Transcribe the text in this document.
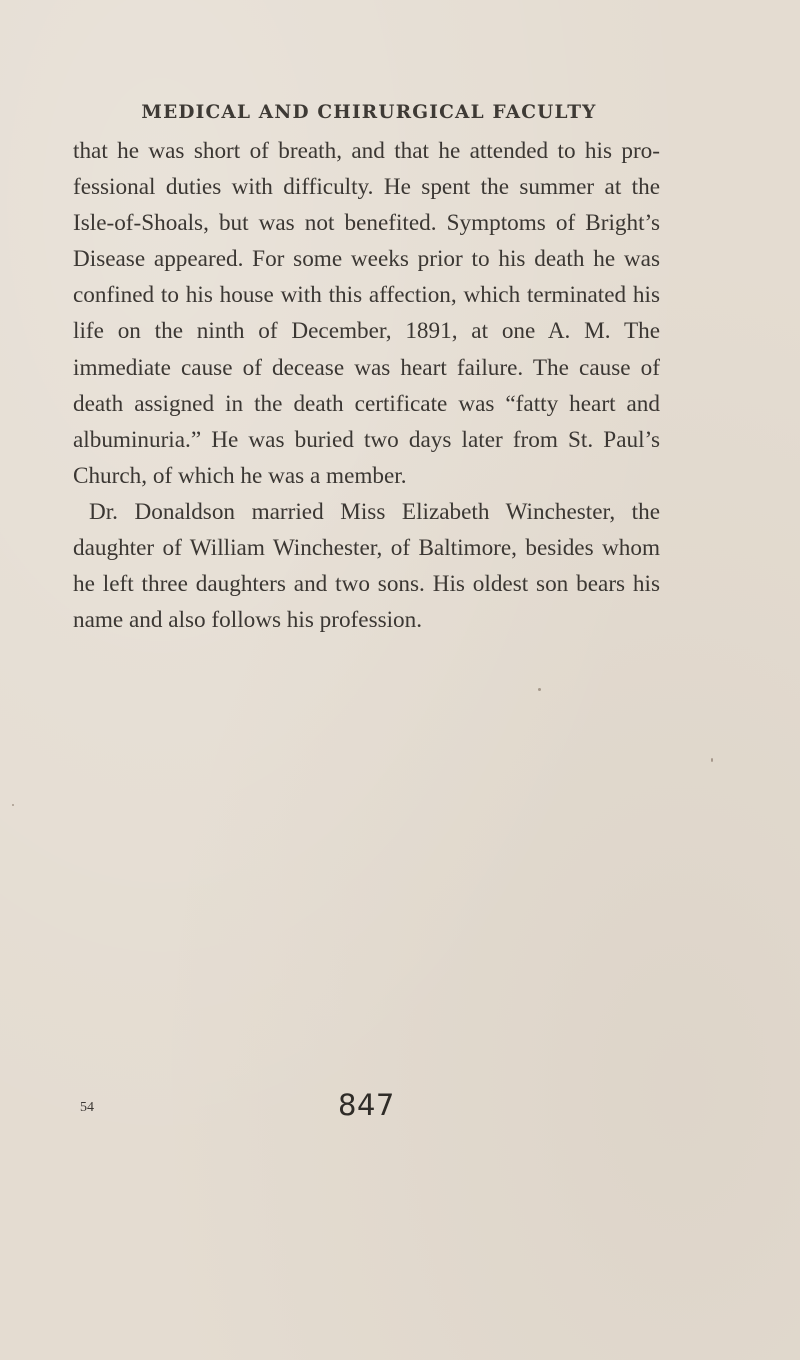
MEDICAL AND CHIRURGICAL FACULTY

that he was short of breath, and that he attended to his pro- fessional duties with difficulty. He spent the summer at the Isle-of-Shoals, but was not benefited. Symptoms of Bright’s Disease appeared. For some weeks prior to his death he was confined to his house with this affection, which terminated his life on the ninth of December, 1891, at one A. M. The immediate cause of decease was heart failure. The cause of death assigned in the death certificate was “fatty heart and albuminuria.” He was buried two days later from St. Paul’s Church, of which he was a member.

Dr. Donaldson married Miss Elizabeth Winchester, the daughter of William Winchester, of Baltimore, besides whom he left three daughters and two sons. His oldest son bears his name and also follows his profession.

54	847
